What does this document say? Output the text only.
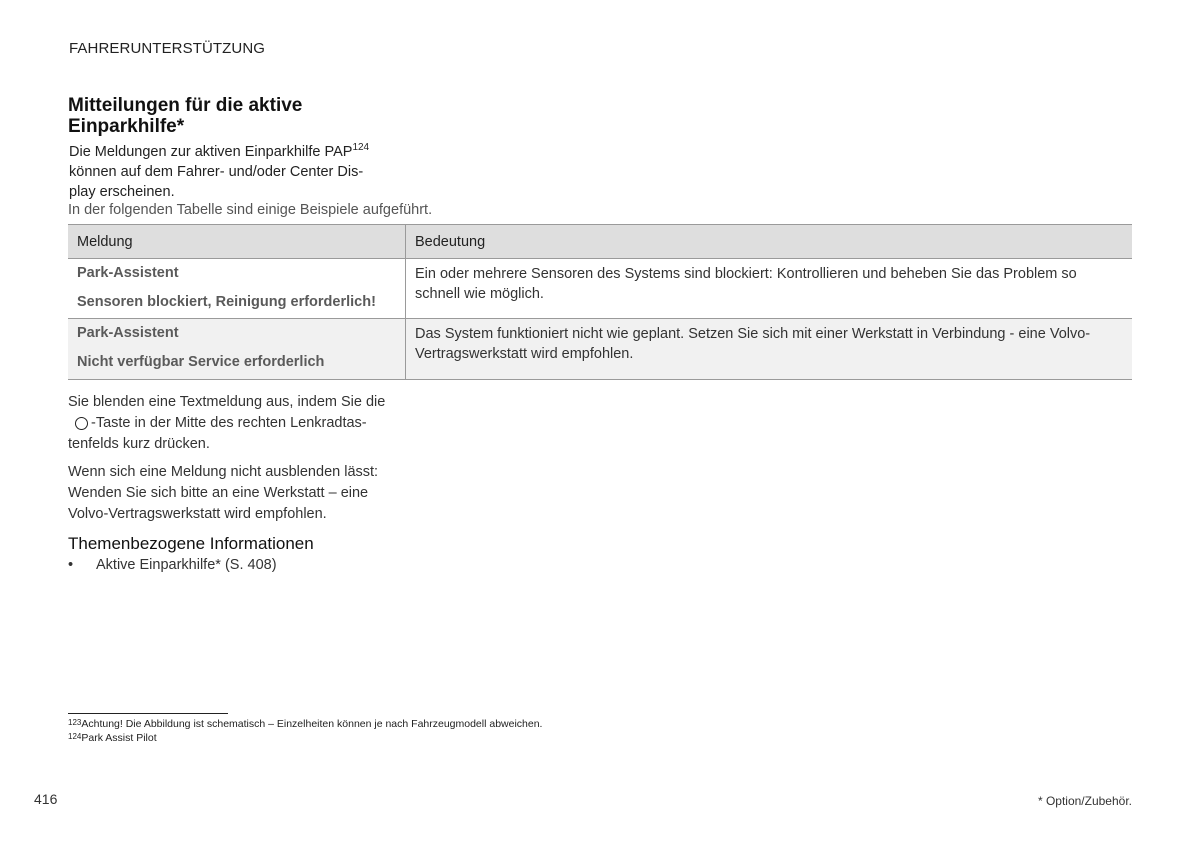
FAHRERUNTERSTÜTZUNG
Mitteilungen für die aktive
Einparkhilfe*
Die Meldungen zur aktiven Einparkhilfe PAP$^{124}$
können auf dem Fahrer- und/oder Center Dis-
play erscheinen.
In der folgenden Tabelle sind einige Beispiele aufgeführt.
Meldung	Bedeutung

Park-Assistent
Sensoren blockiert, Reinigung erforderlich!	Ein oder mehrere Sensoren des Systems sind blockiert: Kontrollieren und beheben Sie das Problem so schnell wie möglich.

Park-Assistent
Nicht verfügbar Service erforderlich	Das System funktioniert nicht wie geplant. Setzen Sie sich mit einer Werkstatt in Verbindung - eine Volvo-Vertragswerkstatt wird empfohlen.
Sie blenden eine Textmeldung aus, indem Sie die
-Taste in der Mitte des rechten Lenkradtas-
tenfelds kurz drücken.
Wenn sich eine Meldung nicht ausblenden lässt:
Wenden Sie sich bitte an eine Werkstatt – eine
Volvo-Vertragswerkstatt wird empfohlen.
Themenbezogene Informationen
• Aktive Einparkhilfe* (S. 408)
$^{123}$Achtung! Die Abbildung ist schematisch – Einzelheiten können je nach Fahrzeugmodell abweichen.
$^{124}$Park Assist Pilot
416	* Option/Zubehör.
